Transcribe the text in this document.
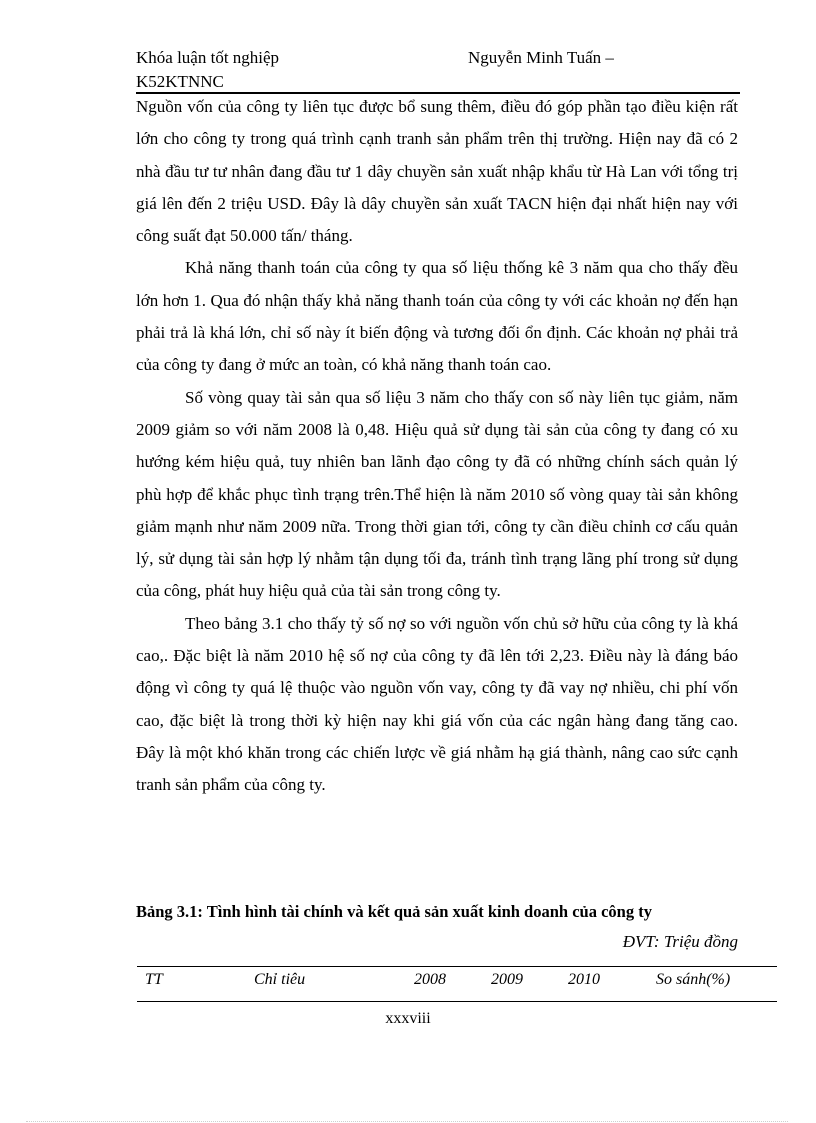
Khóa luận tốt nghiệp
K52KTNNC
Nguyễn Minh Tuấn –

Nguồn vốn của công ty liên tục được bổ sung thêm, điều đó góp phần tạo điều kiện rất lớn cho công ty trong quá trình cạnh tranh sản phẩm trên thị trường. Hiện nay đã có 2 nhà đầu tư tư nhân đang đầu tư 1 dây chuyền sản xuất nhập khẩu từ Hà Lan với tổng trị giá lên đến 2 triệu USD. Đây là dây chuyền sản xuất TACN hiện đại nhất hiện nay với công suất đạt 50.000 tấn/ tháng.

Khả năng thanh toán của công ty qua số liệu thống kê 3 năm qua cho thấy đều lớn hơn 1. Qua đó nhận thấy khả năng thanh toán của công ty với các khoản nợ đến hạn phải trả là khá lớn, chỉ số này ít biến động và tương đối ổn định. Các khoản nợ phải trả của công ty đang ở mức an toàn, có khả năng thanh toán cao.

Số vòng quay tài sản qua số liệu 3 năm cho thấy con số này liên tục giảm, năm 2009 giảm so với năm 2008 là 0,48. Hiệu quả sử dụng tài sản của công ty đang có xu hướng kém hiệu quả, tuy nhiên ban lãnh đạo công ty đã có những chính sách quản lý phù hợp để khắc phục tình trạng trên.Thể hiện là năm 2010 số vòng quay tài sản không giảm mạnh như năm 2009 nữa. Trong thời gian tới, công ty cần điều chỉnh cơ cấu quản lý, sử dụng tài sản hợp lý nhằm tận dụng tối đa, tránh tình trạng lãng phí trong sử dụng của công, phát huy hiệu quả của tài sản trong công ty.

Theo bảng 3.1 cho thấy tỷ số nợ so với nguồn vốn chủ sở hữu của công ty là khá cao,. Đặc biệt là năm 2010 hệ số nợ của công ty đã lên tới 2,23. Điều này là đáng báo động vì công ty quá lệ thuộc vào nguồn vốn vay, công ty đã vay nợ nhiều, chi phí vốn cao, đặc biệt là trong thời kỳ hiện nay khi giá vốn của các ngân hàng đang tăng cao. Đây là một khó khăn trong các chiến lược về giá nhằm hạ giá thành, nâng cao sức cạnh tranh sản phẩm của công ty.

Bảng 3.1: Tình hình tài chính và kết quả sản xuất kinh doanh của công ty
ĐVT: Triệu đồng
TT	Chỉ tiêu	2008	2009	2010	So sánh(%)
xxxviii
